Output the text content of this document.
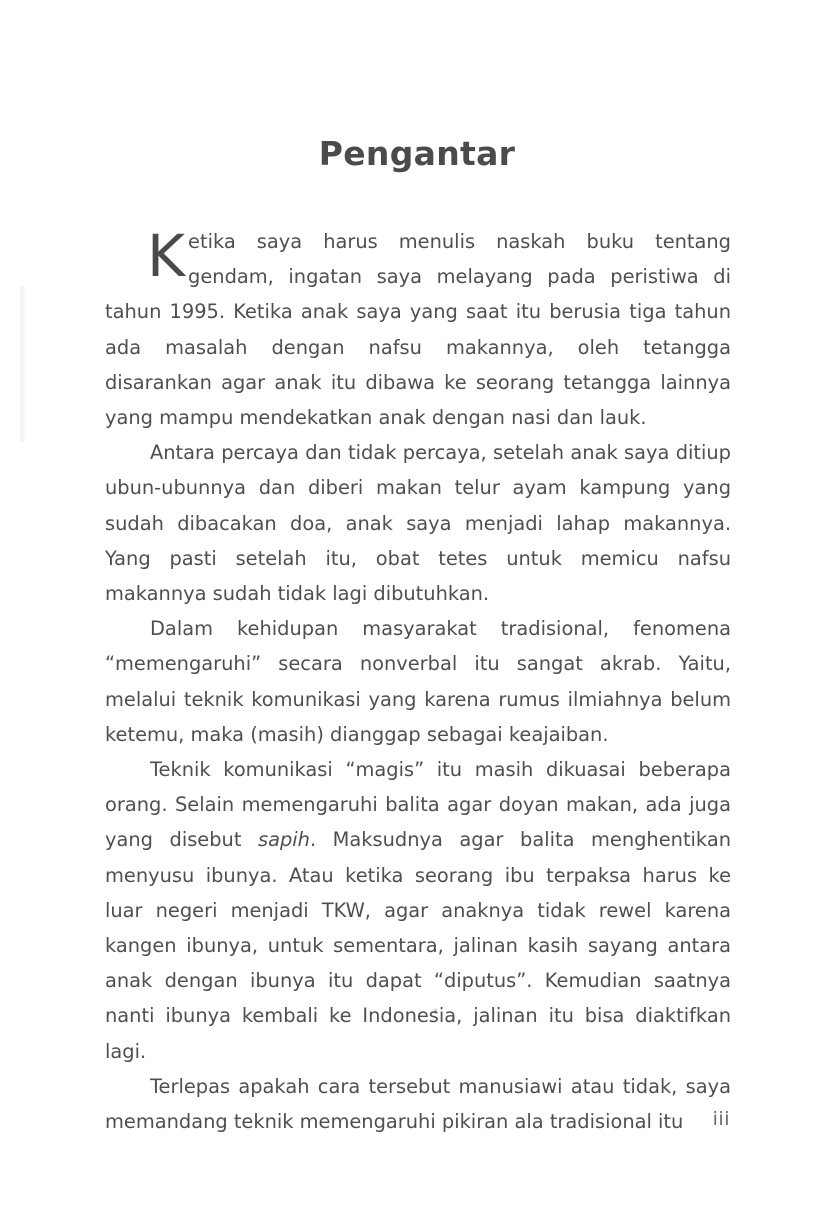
Pengantar

Ketika saya harus menulis naskah buku tentang gendam, ingatan saya melayang pada peristiwa di tahun 1995. Ketika anak saya yang saat itu berusia tiga tahun ada masalah dengan nafsu makannya, oleh tetangga disarankan agar anak itu dibawa ke seorang tetangga lainnya yang mampu mendekatkan anak dengan nasi dan lauk.

Antara percaya dan tidak percaya, setelah anak saya ditiup ubun-ubunnya dan diberi makan telur ayam kampung yang sudah dibacakan doa, anak saya menjadi lahap makannya. Yang pasti setelah itu, obat tetes untuk memicu nafsu makannya sudah tidak lagi dibutuhkan.

Dalam kehidupan masyarakat tradisional, fenomena “memengaruhi” secara nonverbal itu sangat akrab. Yaitu, melalui teknik komunikasi yang karena rumus ilmiahnya belum ketemu, maka (masih) dianggap sebagai keajaiban.

Teknik komunikasi “magis” itu masih dikuasai beberapa orang. Selain memengaruhi balita agar doyan makan, ada juga yang disebut sapih. Maksudnya agar balita menghentikan menyusu ibunya. Atau ketika seorang ibu terpaksa harus ke luar negeri menjadi TKW, agar anaknya tidak rewel karena kangen ibunya, untuk sementara, jalinan kasih sayang antara anak dengan ibunya itu dapat “diputus”. Kemudian saatnya nanti ibunya kembali ke Indonesia, jalinan itu bisa diaktifkan lagi.

Terlepas apakah cara tersebut manusiawi atau tidak, saya memandang teknik memengaruhi pikiran ala tradisional itu	iii
